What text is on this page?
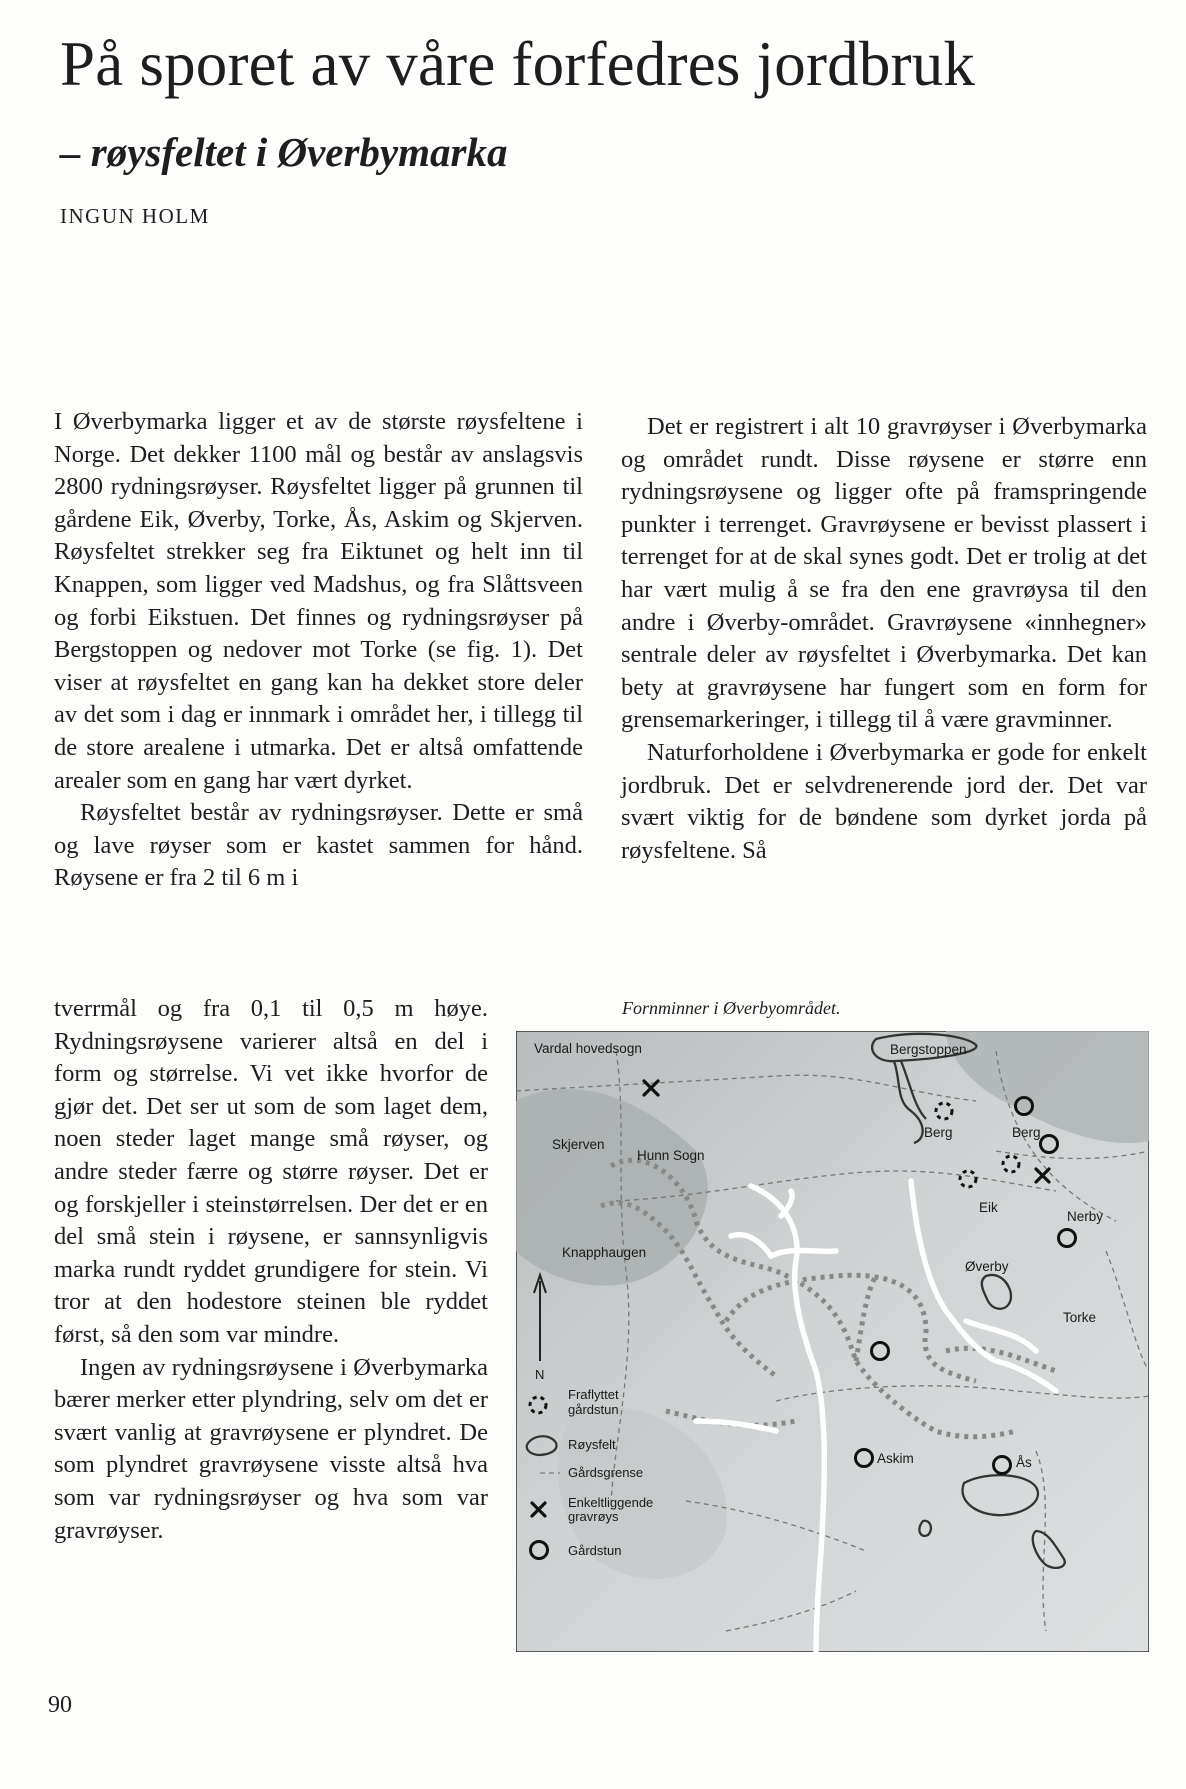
På sporet av våre forfedres jordbruk
– røysfeltet i Øverbymarka
INGUN HOLM

I Øverbymarka ligger et av de største røysfeltene i Norge. Det dekker 1100 mål og består av anslagsvis 2800 rydningsrøyser. Røysfeltet ligger på grunnen til gårdene Eik, Øverby, Torke, Ås, Askim og Skjerven. Røysfeltet strekker seg fra Eiktunet og helt inn til Knappen, som ligger ved Madshus, og fra Slåttsveen og forbi Eikstuen. Det finnes og rydningsrøyser på Bergstoppen og nedover mot Torke (se fig. 1). Det viser at røysfeltet en gang kan ha dekket store deler av det som i dag er innmark i området her, i tillegg til de store arealene i utmarka. Det er altså omfattende arealer som en gang har vært dyrket.

Røysfeltet består av rydningsrøyser. Dette er små og lave røyser som er kastet sammen for hånd. Røysene er fra 2 til 6 m i

tverrmål og fra 0,1 til 0,5 m høye. Rydningsrøysene varierer altså en del i form og størrelse. Vi vet ikke hvorfor de gjør det. Det ser ut som de som laget dem, noen steder laget mange små røyser, og andre steder færre og større røyser. Det er og forskjeller i steinstørrelsen. Der det er en del små stein i røysene, er sannsynligvis marka rundt ryddet grundigere for stein. Vi tror at den hodestore steinen ble ryddet først, så den som var mindre.

Ingen av rydningsrøysene i Øverbymarka bærer merker etter plyndring, selv om det er svært vanlig at gravrøysene er plyndret. De som plyndret gravrøysene visste altså hva som var rydningsrøyser og hva som var gravrøyser.

Det er registrert i alt 10 gravrøyser i Øverbymarka og området rundt. Disse røysene er større enn rydningsrøysene og ligger ofte på framspringende punkter i terrenget. Gravrøysene er bevisst plassert i terrenget for at de skal synes godt. Det er trolig at det har vært mulig å se fra den ene gravrøysa til den andre i Øverby-området. Gravrøysene «innhegner» sentrale deler av røysfeltet i Øverbymarka. Det kan bety at gravrøysene har fungert som en form for grensemarkeringer, i tillegg til å være gravminner.

Naturforholdene i Øverbymarka er gode for enkelt jordbruk. Det er selvdrenerende jord der. Det var svært viktig for de bøndene som dyrket jorda på røysfeltene. Så

Fornminner i Øverbyområdet.
Vardal hovedsogn	Bergstoppen
Skjerven
Hunn Sogn
Berg	Berg
Knapphaugen
Eik
Nerby
Øverby
Torke
Askim	Ås
N
Fraflyttet
gårdstun
Røysfelt
Gårdsgrense
Enkeltliggende
gravrøys
Gårdstun
90
